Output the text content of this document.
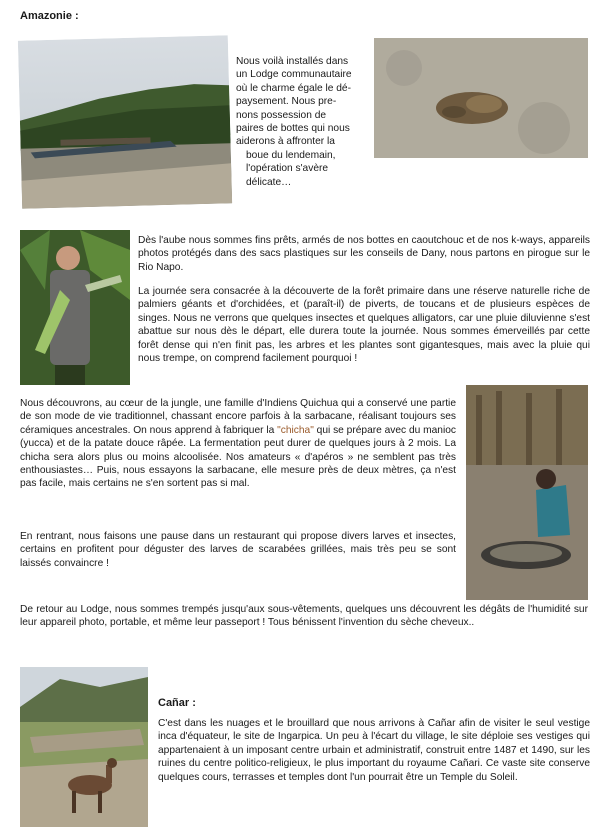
Amazonie :

Nous voilà installés dans

un Lodge communautaire

où le charme égale le dé-

paysement. Nous pre-

nons possession de

paires de bottes qui nous

aiderons à affronter la

boue du lendemain,

l'opération s'avère délicate…

Dès l'aube nous sommes fins prêts, armés de nos bottes en caoutchouc et de nos k-ways, appareils photos protégés dans des sacs plastiques sur les conseils de Dany, nous partons en pirogue sur le Rio Napo.

La journée sera consacrée à la découverte de la forêt primaire dans une réserve naturelle riche de palmiers géants et d'orchidées, et (paraît-il) de piverts, de toucans et de plusieurs espèces de singes. Nous ne verrons que quelques insectes et quelques alligators, car une pluie diluvienne s'est abattue sur nous dès le départ, elle durera toute la journée. Nous sommes émerveillés par cette forêt dense qui n'en finit pas, les arbres et les plantes sont gigantesques, mais avec la pluie qui nous trempe, on comprend facilement pourquoi !

Nous découvrons, au cœur de la jungle, une famille d'Indiens Quichua qui a conservé une partie de son mode de vie traditionnel, chassant encore parfois à la sarbacane, réalisant toujours ses céramiques ancestrales. On nous apprend à fabriquer la "chicha" qui se prépare avec du manioc (yucca) et de la patate douce râpée. La fermentation peut durer de quelques jours à 2 mois. La chicha sera alors plus ou moins alcoolisée. Nos amateurs « d'apéros » ne semblent pas très enthousiastes… Puis, nous essayons la sarbacane, elle mesure près de deux mètres, ça n'est pas facile, mais certains ne s'en sortent pas si mal.

En rentrant, nous faisons une pause dans un restaurant qui propose divers larves et insectes, certains en profitent pour déguster des larves de scarabées grillées, mais très peu se sont laissés convaincre !

De retour au Lodge, nous sommes trempés jusqu'aux sous-vêtements, quelques uns découvrent les dégâts de l'humidité sur leur appareil photo, portable, et même leur passeport ! Tous bénissent l'invention du sèche cheveux..

Cañar :

C'est dans les nuages et le brouillard que nous arrivons à Cañar afin de visiter le seul vestige inca d'équateur, le site de Ingarpica. Un peu à l'écart du village, le site déploie ses vestiges qui appartenaient à un imposant centre urbain et administratif, construit entre 1487 et 1490, sur les ruines du centre politico-religieux, le plus important du royaume Cañari. Ce vaste site conserve quelques cours, terrasses et temples dont l'un pourrait être un Temple du Soleil.
